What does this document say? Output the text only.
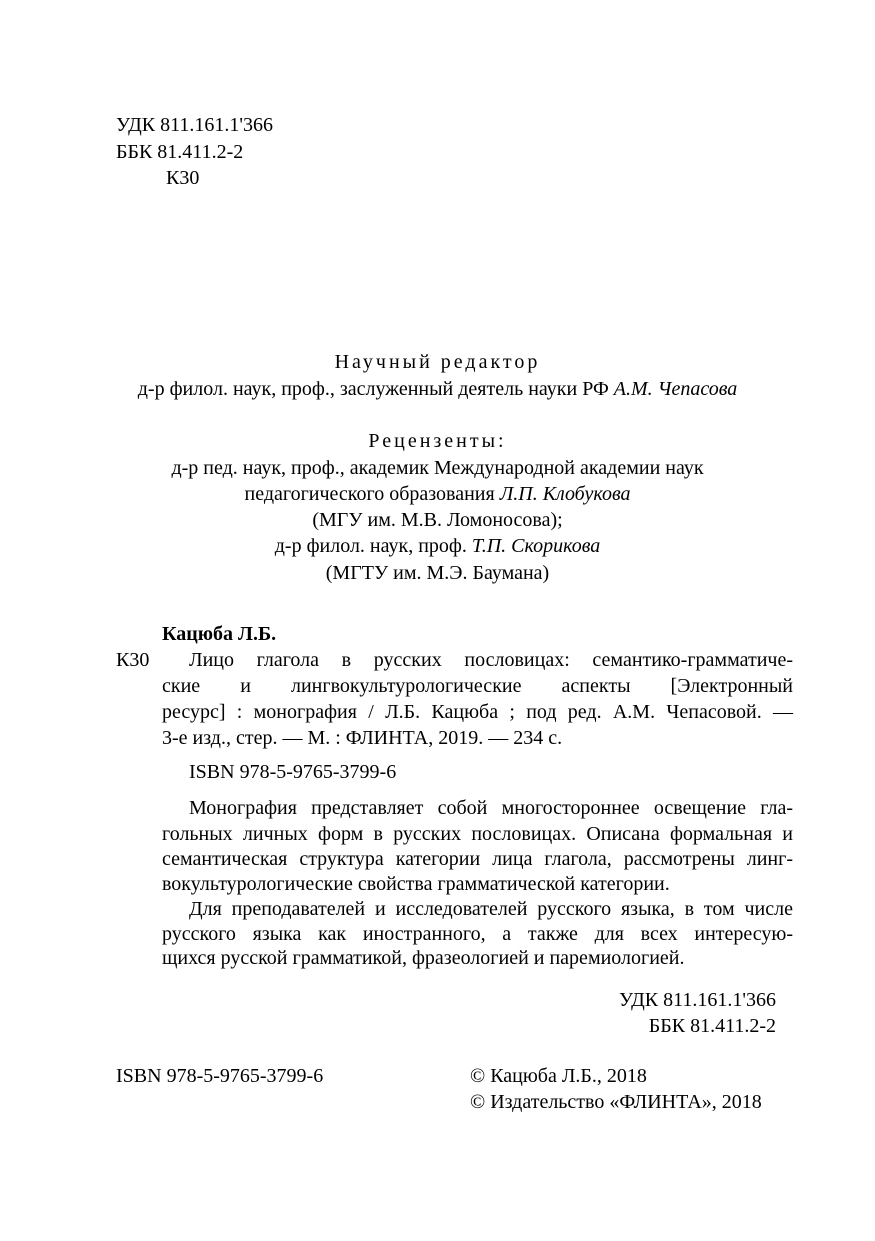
УДК 811.161.1'366
ББК 81.411.2-2
К30
Научный редактор
д-р филол. наук, проф., заслуженный деятель науки РФ А.М. Чепасова
Рецензенты:
д-р пед. наук, проф., академик Международной академии наук
педагогического образования Л.П. Клобукова
(МГУ им. М.В. Ломоносова);
д-р филол. наук, проф. Т.П. Скорикова
(МГТУ им. М.Э. Баумана)
Кацюба Л.Б.
К30 Лицо глагола в русских пословицах: семантико-грамматиче-
ские и лингвокультурологические аспекты [Электронный
ресурс] : монография / Л.Б. Кацюба ; под ред. А.М. Чепасовой. —
3-е изд., стер. — М. : ФЛИНТА, 2019. — 234 с.
ISBN 978-5-9765-3799-6
Монография представляет собой многостороннее освещение гла-
гольных личных форм в русских пословицах. Описана формальная и
семантическая структура категории лица глагола, рассмотрены линг-
вокультурологические свойства грамматической категории.
Для преподавателей и исследователей русского языка, в том числе
русского языка как иностранного, а также для всех интересую-
щихся русской грамматикой, фразеологией и паремиологией.
УДК 811.161.1'366
ББК 81.411.2-2
ISBN 978-5-9765-3799-6	© Кацюба Л.Б., 2018
© Издательство «ФЛИНТА», 2018
